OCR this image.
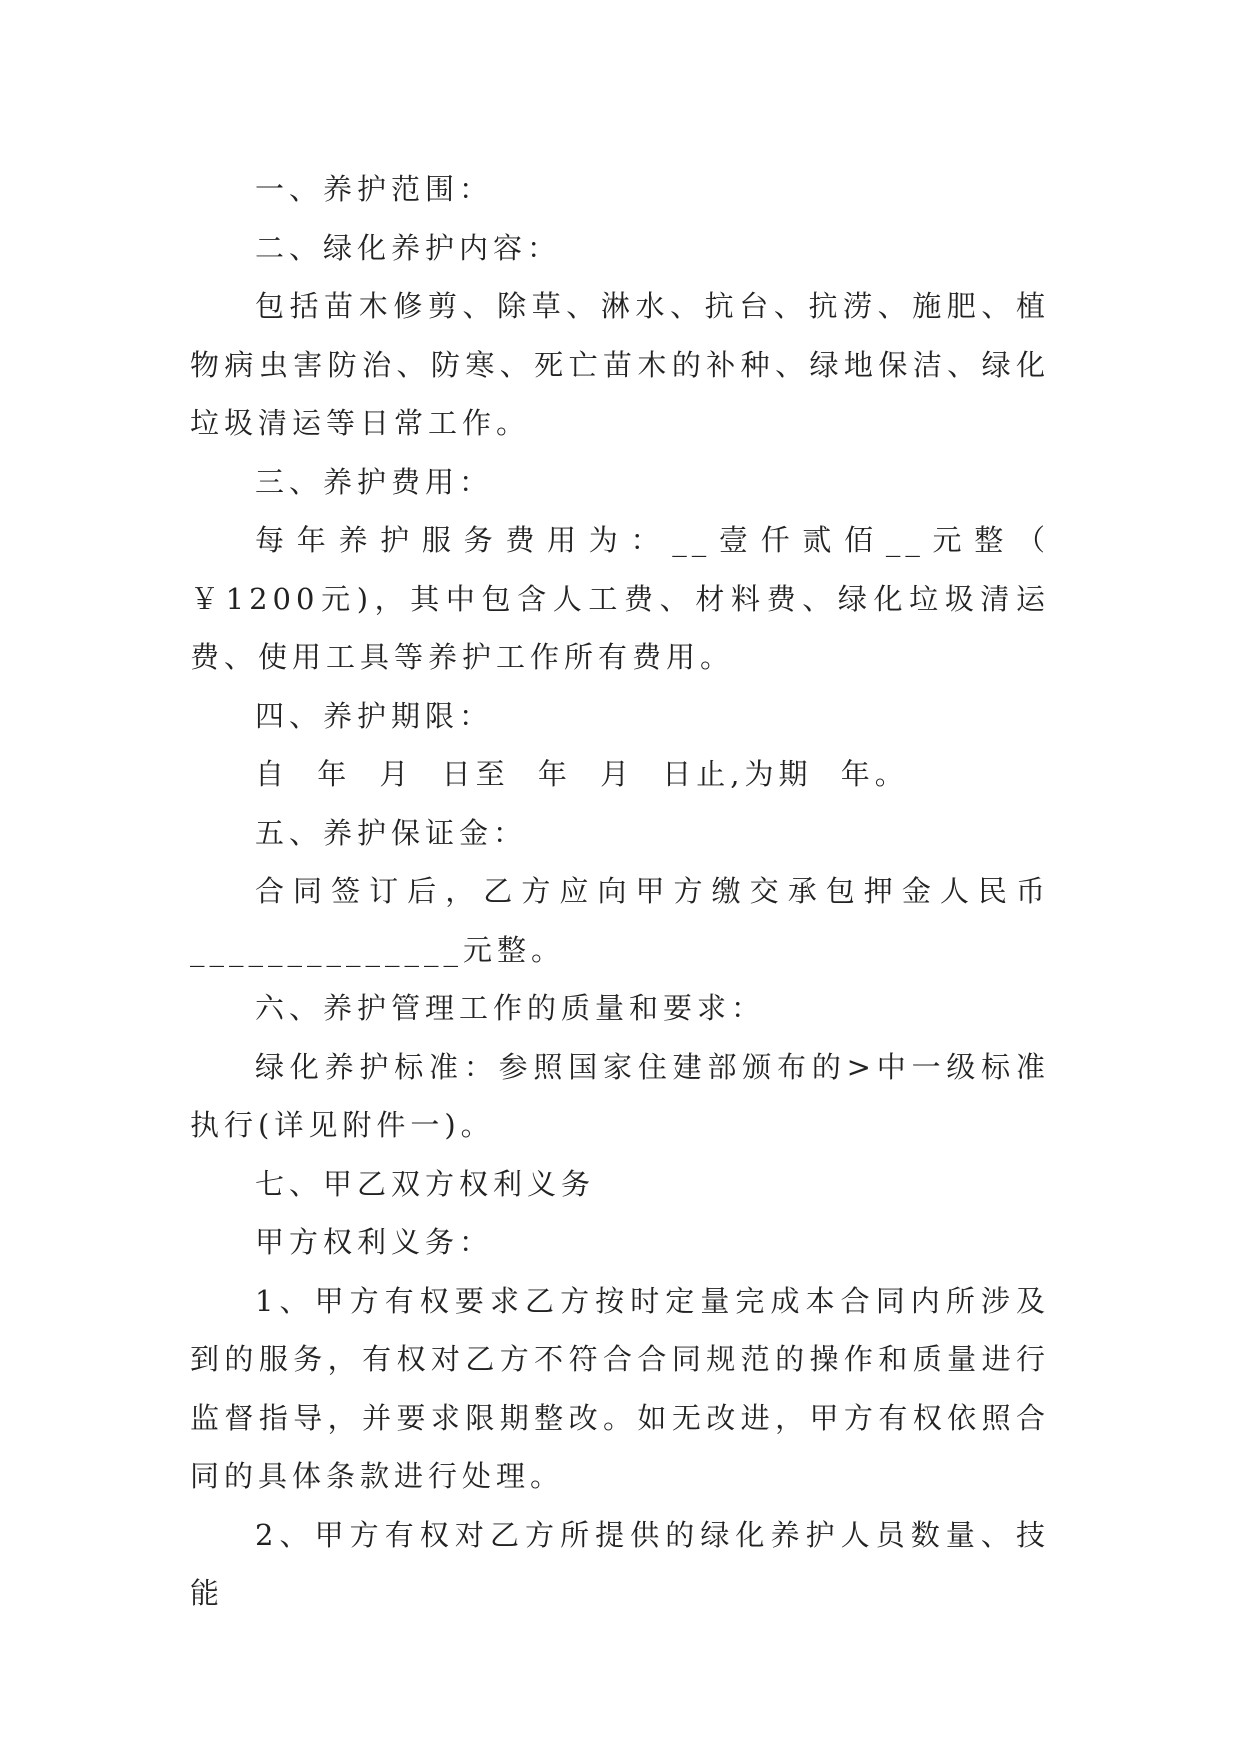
一、养护范围：

二、绿化养护内容：

包括苗木修剪、除草、淋水、抗台、抗涝、施肥、植物病虫害防治、防寒、死亡苗木的补种、绿地保洁、绿化垃圾清运等日常工作。

三、养护费用：

每年养护服务费用为：__壹仟贰佰__元整（ ￥1200元)，其中包含人工费、材料费、绿化垃圾清运费、使用工具等养护工作所有费用。

四、养护期限：

自 年 月 日至 年 月 日止,为期 年。

五、养护保证金：

合同签订后，乙方应向甲方缴交承包押金人民币______________元整。

六、养护管理工作的质量和要求：

绿化养护标准：参照国家住建部颁布的>中一级标准执行(详见附件一)。

七、甲乙双方权利义务

甲方权利义务：

1、甲方有权要求乙方按时定量完成本合同内所涉及到的服务，有权对乙方不符合合同规范的操作和质量进行监督指导，并要求限期整改。如无改进，甲方有权依照合同的具体条款进行处理。

2、甲方有权对乙方所提供的绿化养护人员数量、技能
